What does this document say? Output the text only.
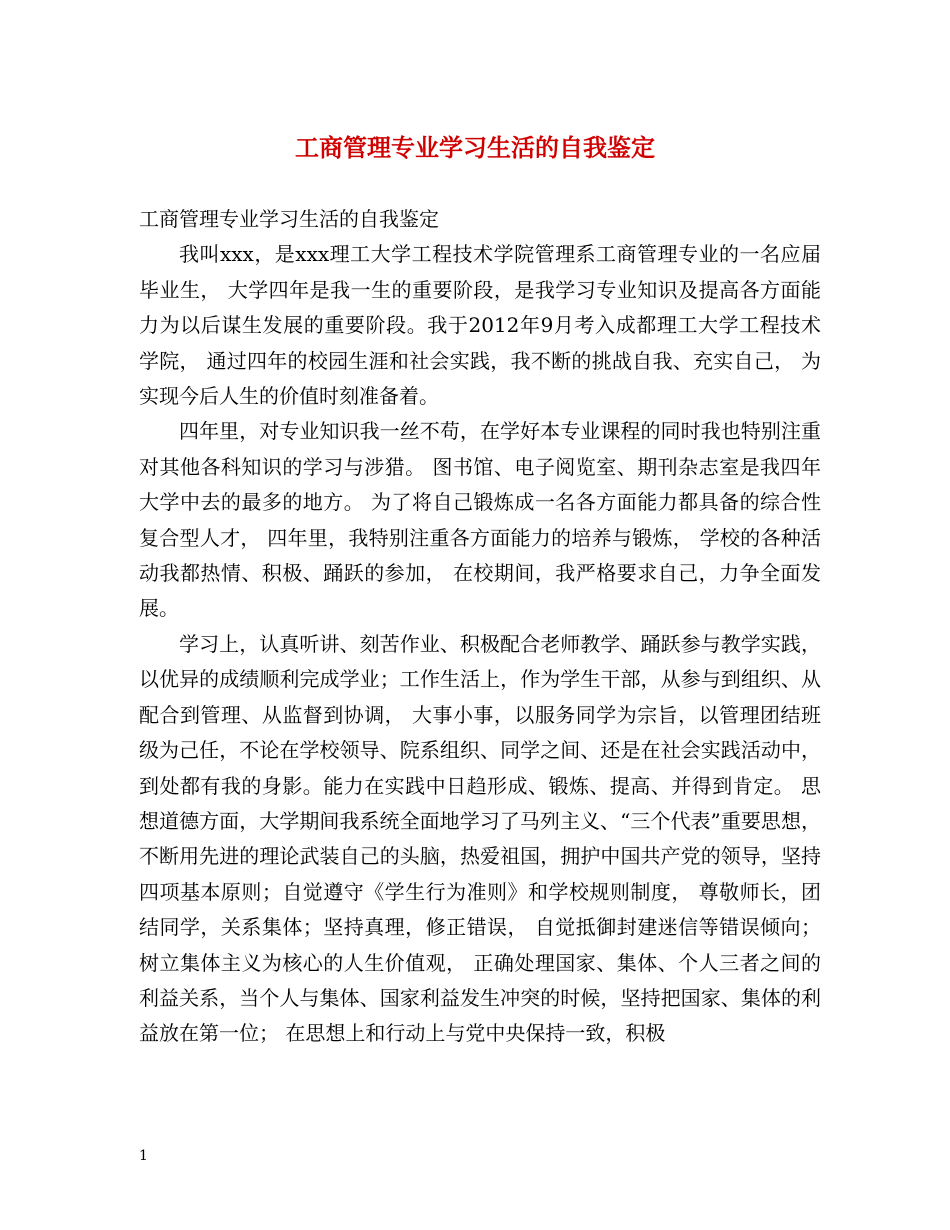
工商管理专业学习生活的自我鉴定

工商管理专业学习生活的自我鉴定

我叫xxx，是xxx理工大学工程技术学院管理系工商管理专业的一名应届毕业生， 大学四年是我一生的重要阶段，是我学习专业知识及提高各方面能力为以后谋生发展的重要阶段。我于2012年9月考入成都理工大学工程技术学院， 通过四年的校园生涯和社会实践，我不断的挑战自我、充实自己， 为实现今后人生的价值时刻准备着。

四年里，对专业知识我一丝不苟，在学好本专业课程的同时我也特别注重对其他各科知识的学习与涉猎。 图书馆、电子阅览室、期刊杂志室是我四年大学中去的最多的地方。 为了将自己锻炼成一名各方面能力都具备的综合性复合型人才， 四年里，我特别注重各方面能力的培养与锻炼， 学校的各种活动我都热情、积极、踊跃的参加， 在校期间，我严格要求自己，力争全面发展。

学习上，认真听讲、刻苦作业、积极配合老师教学、踊跃参与教学实践， 以优异的成绩顺利完成学业；工作生活上，作为学生干部，从参与到组织、从配合到管理、从监督到协调， 大事小事，以服务同学为宗旨，以管理团结班级为己任，不论在学校领导、院系组织、同学之间、还是在社会实践活动中， 到处都有我的身影。能力在实践中日趋形成、锻炼、提高、并得到肯定。 思想道德方面，大学期间我系统全面地学习了马列主义、“三个代表”重要思想， 不断用先进的理论武装自己的头脑，热爱祖国，拥护中国共产党的领导，坚持四项基本原则；自觉遵守《学生行为准则》和学校规则制度， 尊敬师长，团结同学，关系集体；坚持真理，修正错误， 自觉抵御封建迷信等错误倾向；树立集体主义为核心的人生价值观， 正确处理国家、集体、个人三者之间的利益关系，当个人与集体、国家利益发生冲突的时候，坚持把国家、集体的利益放在第一位； 在思想上和行动上与党中央保持一致，积极

1
